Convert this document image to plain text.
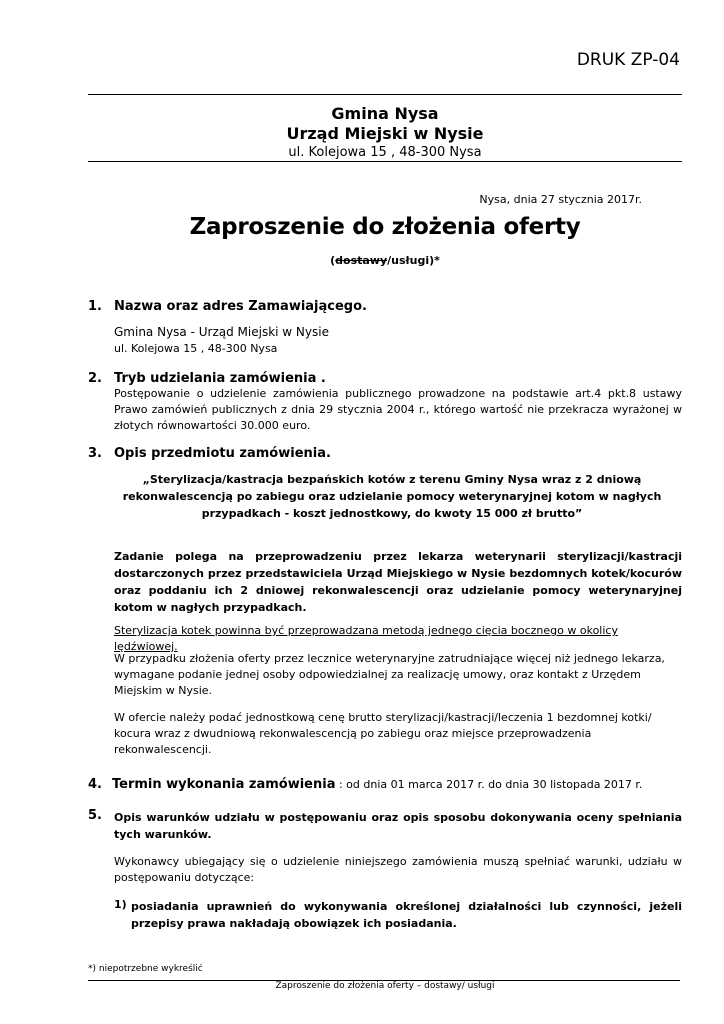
DRUK ZP-04
Gmina Nysa
Urząd Miejski w Nysie
ul. Kolejowa 15 , 48-300 Nysa
Nysa, dnia 27 stycznia 2017r.
Zaproszenie do złożenia oferty
(dostawy/usługi)*
1. Nazwa oraz adres Zamawiającego.
Gmina Nysa - Urząd Miejski w Nysie
ul. Kolejowa 15 , 48-300 Nysa
2. Tryb udzielania zamówienia .
Postępowanie o udzielenie zamówienia publicznego prowadzone na podstawie art.4 pkt.8 ustawy Prawo zamówień publicznych z dnia 29 stycznia 2004 r., którego wartość nie przekracza wyrażonej w złotych równowartości 30.000 euro.
3. Opis przedmiotu zamówienia.
„Sterylizacja/kastracja bezpańskich kotów z terenu Gminy Nysa wraz z 2 dniową rekonwalescencją po zabiegu oraz udzielanie pomocy weterynaryjnej kotom w nagłych przypadkach - koszt jednostkowy, do kwoty 15 000 zł brutto”
Zadanie polega na przeprowadzeniu przez lekarza weterynarii sterylizacji/kastracji dostarczonych przez przedstawiciela Urząd Miejskiego w Nysie bezdomnych kotek/kocurów oraz poddaniu ich 2 dniowej rekonwalescencji oraz udzielanie pomocy weterynaryjnej kotom w nagłych przypadkach.
Sterylizacja kotek powinna być przeprowadzana metodą jednego cięcia bocznego w okolicy lędźwiowej.
W przypadku złożenia oferty przez lecznice weterynaryjne zatrudniające więcej niż jednego lekarza, wymagane podanie jednej osoby odpowiedzialnej za realizację umowy, oraz kontakt z Urzędem Miejskim w Nysie.
W ofercie należy podać jednostkową cenę brutto sterylizacji/kastracji/leczenia 1 bezdomnej kotki/ kocura wraz z dwudniową rekonwalescencją po zabiegu oraz miejsce przeprowadzenia rekonwalescencji.
4. Termin wykonania zamówienia : od dnia 01 marca 2017 r. do dnia 30 listopada 2017 r.
5. Opis warunków udziału w postępowaniu oraz opis sposobu dokonywania oceny spełniania tych warunków.
Wykonawcy ubiegający się o udzielenie niniejszego zamówienia muszą spełniać warunki, udziału w postępowaniu dotyczące:
1) posiadania uprawnień do wykonywania określonej działalności lub czynności, jeżeli przepisy prawa nakładają obowiązek ich posiadania.
*) niepotrzebne wykreślić
Zaproszenie do złożenia oferty – dostawy/ usługi
